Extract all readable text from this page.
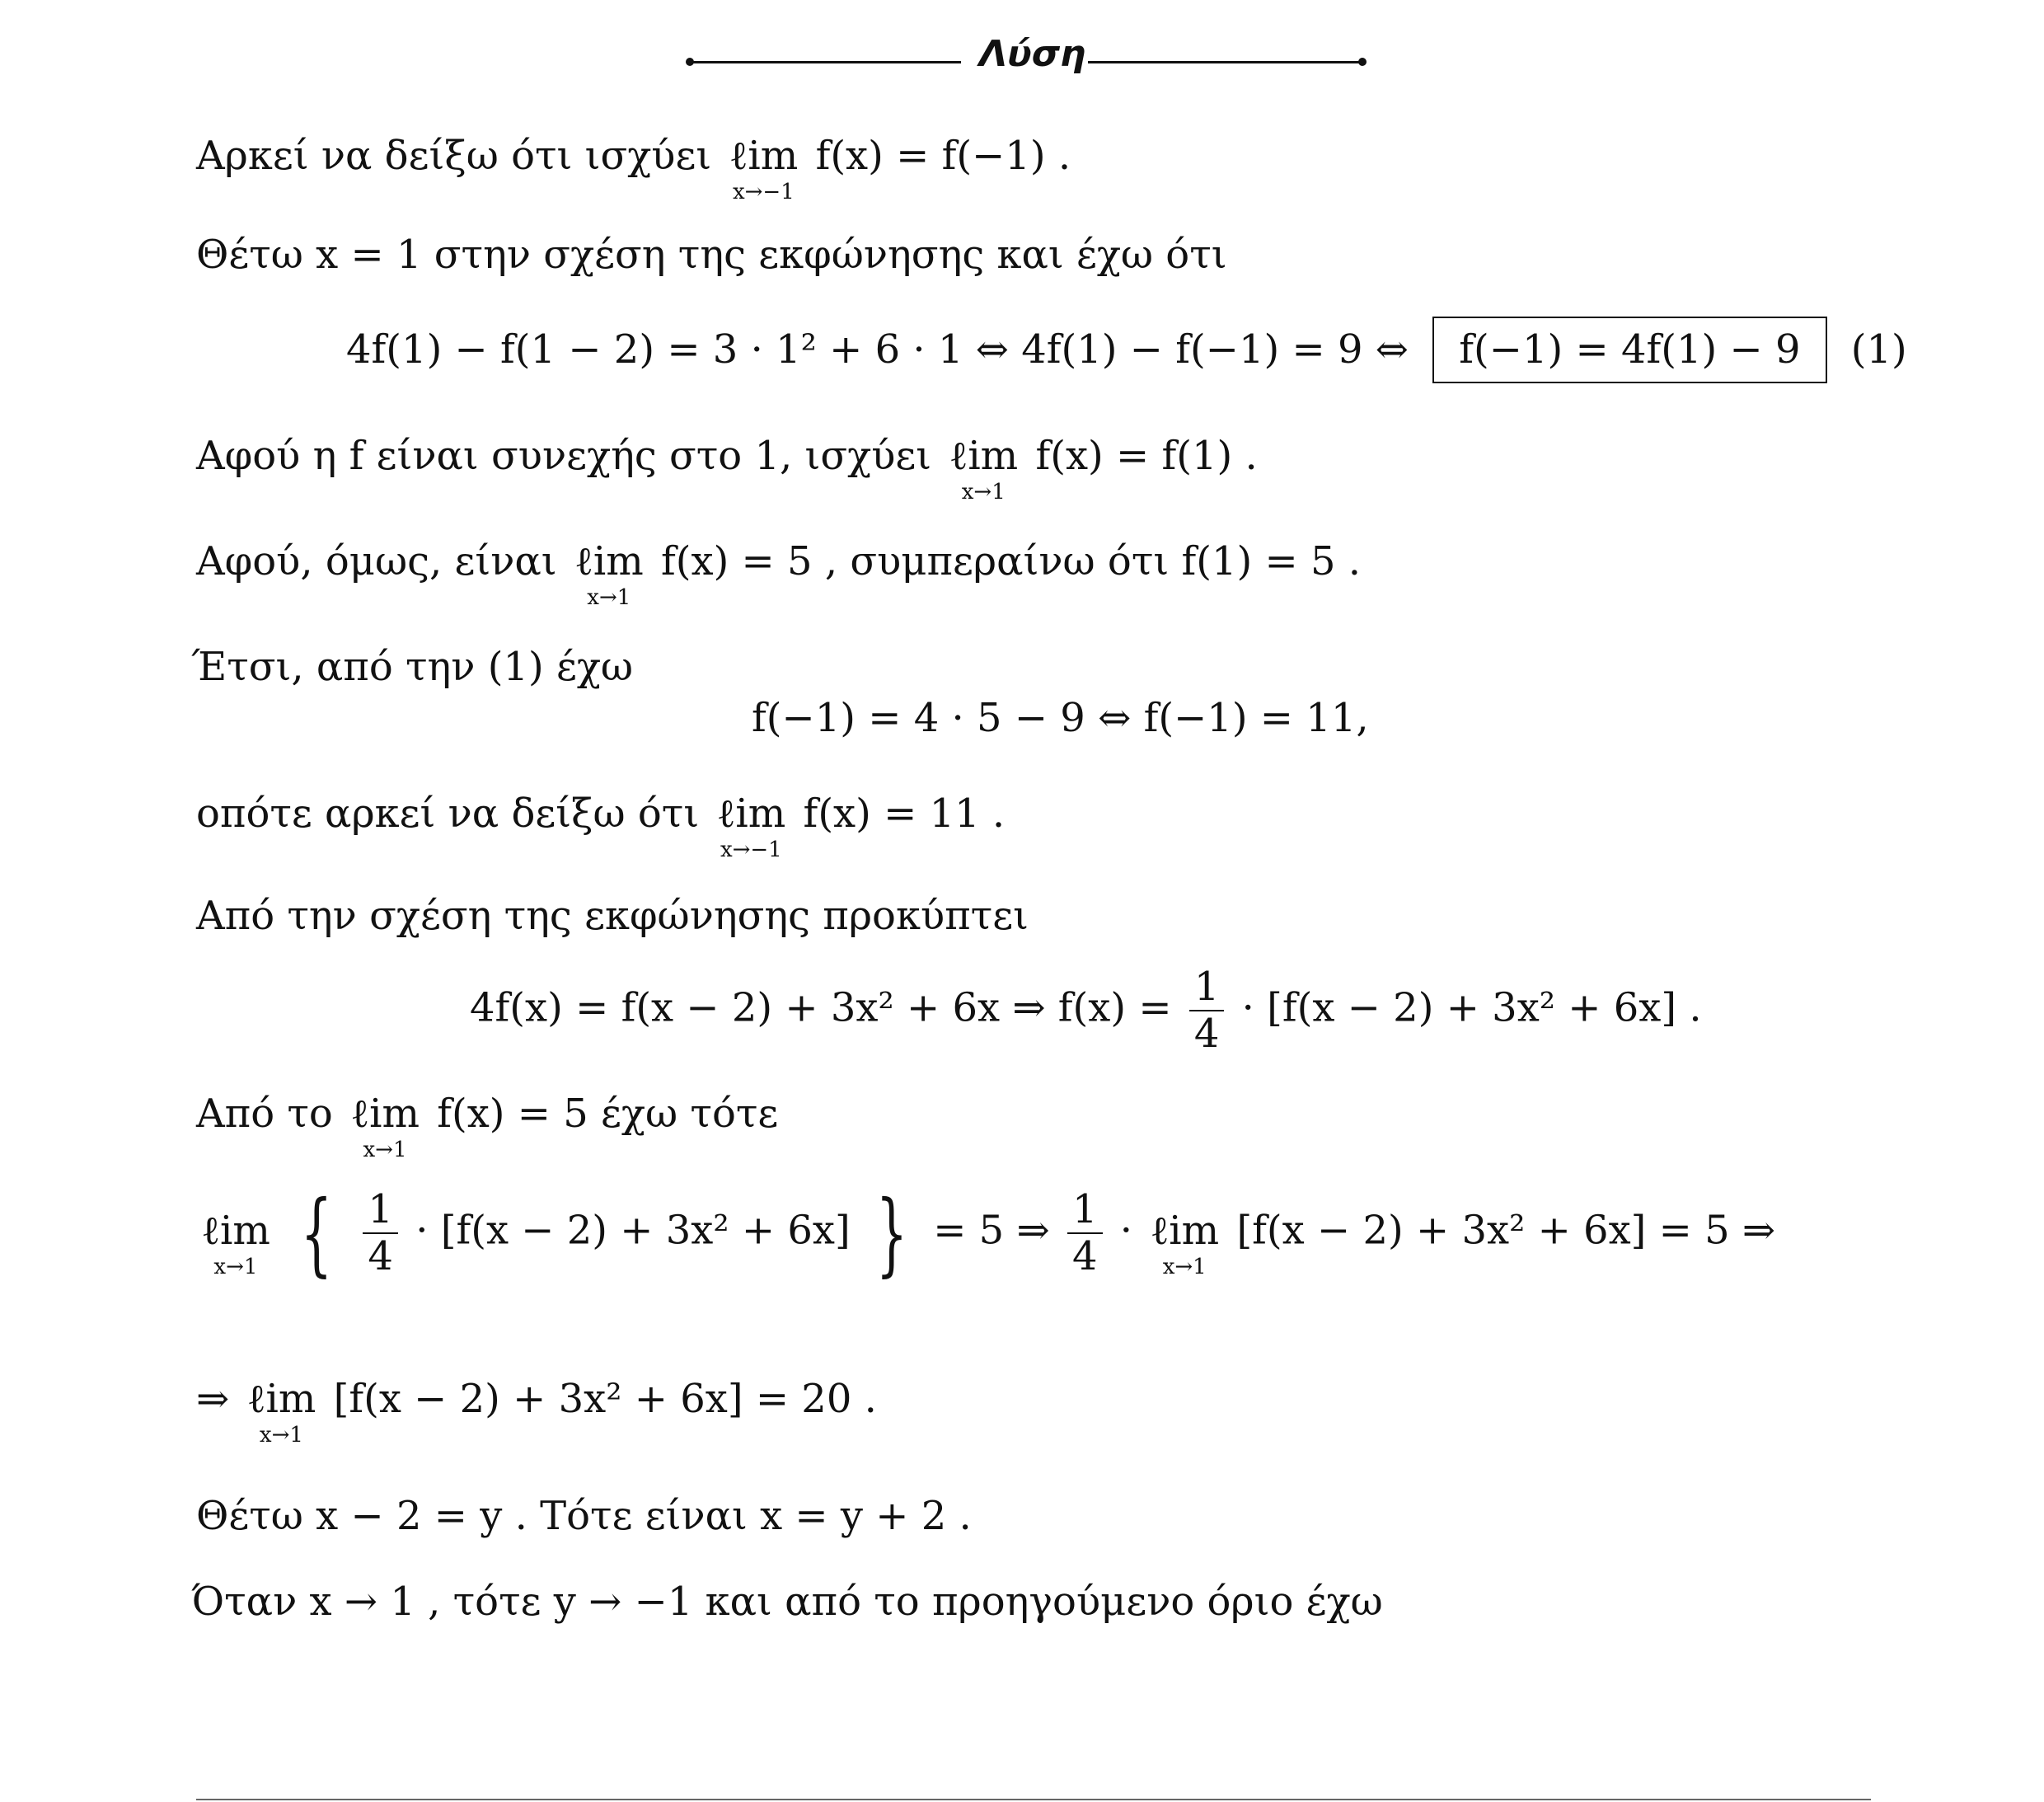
Λύση
Αρκεί να δείξω ότι ισχύει ℓim
x→−1
f(x) = f(−1) .
Θέτω x = 1 στην σχέση της εκφώνησης και έχω ότι
4f(1) − f(1 − 2) = 3 · 1² + 6 · 1 ⇔ 4f(1) − f(−1) = 9 ⇔ f(−1) = 4f(1) − 9 (1)
Αφού η f είναι συνεχής στο 1, ισχύει ℓim
x→1
f(x) = f(1) .
Αφού, όμως, είναι ℓim
x→1
f(x) = 5 , συμπεραίνω ότι f(1) = 5 .
Έτσι, από την (1) έχω
f(−1) = 4 · 5 − 9 ⇔ f(−1) = 11,
οπότε αρκεί να δείξω ότι ℓim
x→−1
f(x) = 11 .
Από την σχέση της εκφώνησης προκύπτει
4f(x) = f(x − 2) + 3x² + 6x ⇒ $f(x) = \frac{1}{4} \cdot [f(x - 2) + 3x^2 + 6x]$ .
Από το ℓim
x→1
f(x) = 5 έχω τότε
ℓim
x→1 { $\frac{1}{4} \cdot [f(x - 2) + 3x^2 + 6x]$ } = 5 ⇒ $\frac{1}{4}$ · ℓim
x→1
[f(x − 2) + 3x² + 6x] = 5 ⇒
⇒ ℓim
x→1
[f(x − 2) + 3x² + 6x] = 20 .
Θέτω x − 2 = y . Τότε είναι x = y + 2 .
Όταν x → 1 , τότε y → −1 και από το προηγούμενο όριο έχω
